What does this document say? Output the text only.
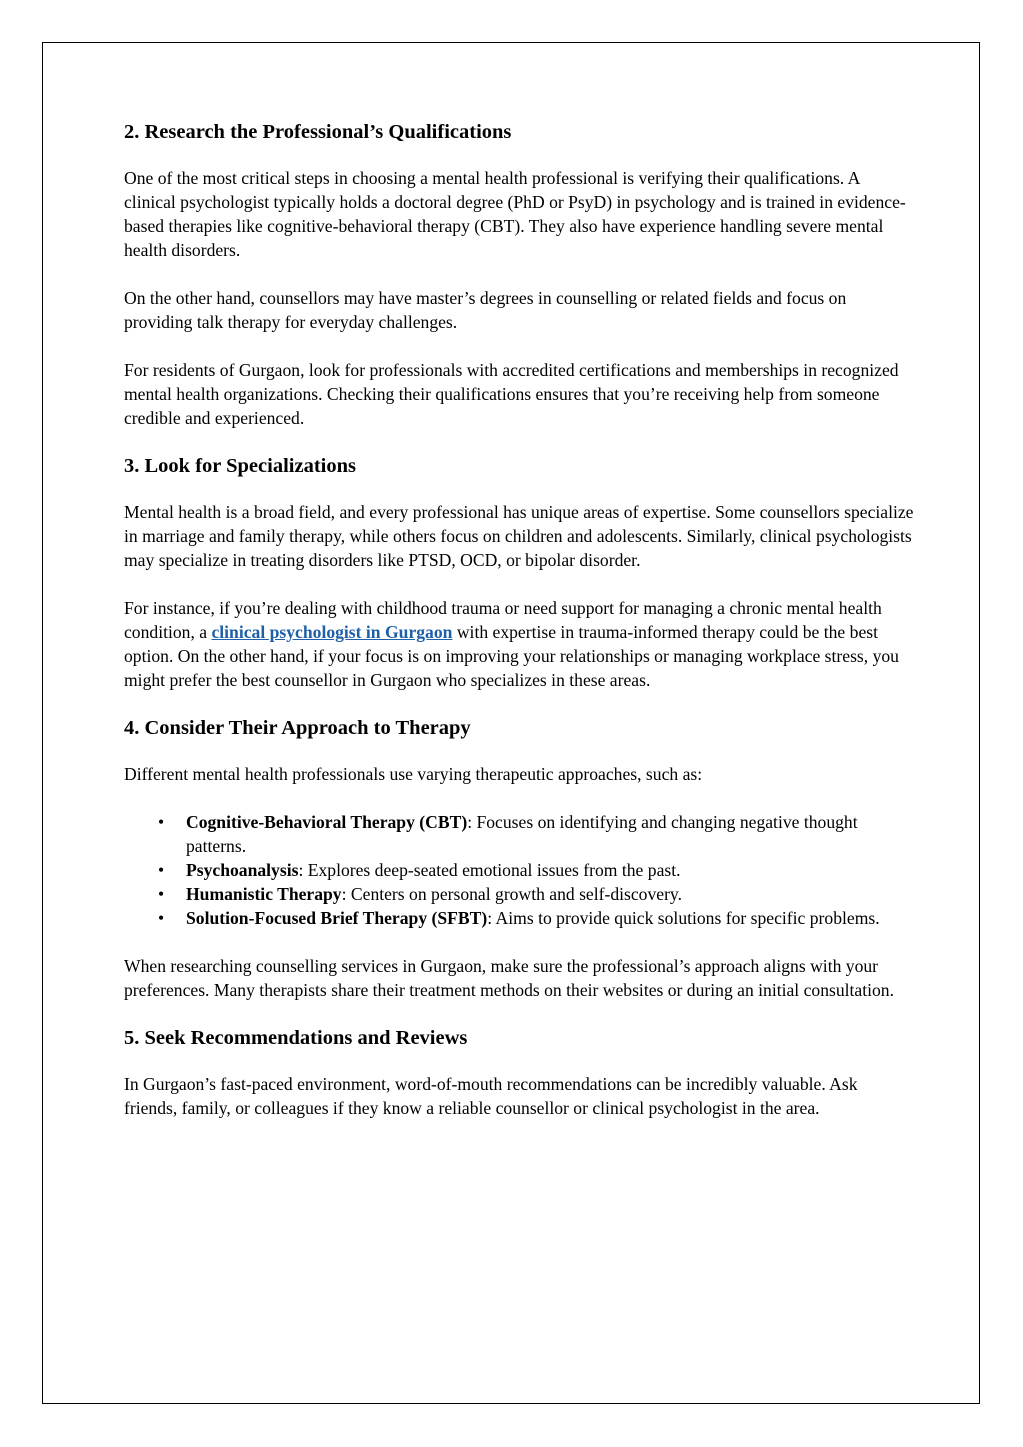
2. Research the Professional’s Qualifications

One of the most critical steps in choosing a mental health professional is verifying their qualifications. A clinical psychologist typically holds a doctoral degree (PhD or PsyD) in psychology and is trained in evidence-based therapies like cognitive-behavioral therapy (CBT). They also have experience handling severe mental health disorders.

On the other hand, counsellors may have master’s degrees in counselling or related fields and focus on providing talk therapy for everyday challenges.

For residents of Gurgaon, look for professionals with accredited certifications and memberships in recognized mental health organizations. Checking their qualifications ensures that you’re receiving help from someone credible and experienced.

3. Look for Specializations

Mental health is a broad field, and every professional has unique areas of expertise. Some counsellors specialize in marriage and family therapy, while others focus on children and adolescents. Similarly, clinical psychologists may specialize in treating disorders like PTSD, OCD, or bipolar disorder.

For instance, if you’re dealing with childhood trauma or need support for managing a chronic mental health condition, a clinical psychologist in Gurgaon with expertise in trauma-informed therapy could be the best option. On the other hand, if your focus is on improving your relationships or managing workplace stress, you might prefer the best counsellor in Gurgaon who specializes in these areas.

4. Consider Their Approach to Therapy

Different mental health professionals use varying therapeutic approaches, such as:

• Cognitive-Behavioral Therapy (CBT): Focuses on identifying and changing negative thought patterns.
• Psychoanalysis: Explores deep-seated emotional issues from the past.
• Humanistic Therapy: Centers on personal growth and self-discovery.
• Solution-Focused Brief Therapy (SFBT): Aims to provide quick solutions for specific problems.

When researching counselling services in Gurgaon, make sure the professional’s approach aligns with your preferences. Many therapists share their treatment methods on their websites or during an initial consultation.

5. Seek Recommendations and Reviews

In Gurgaon’s fast-paced environment, word-of-mouth recommendations can be incredibly valuable. Ask friends, family, or colleagues if they know a reliable counsellor or clinical psychologist in the area.
